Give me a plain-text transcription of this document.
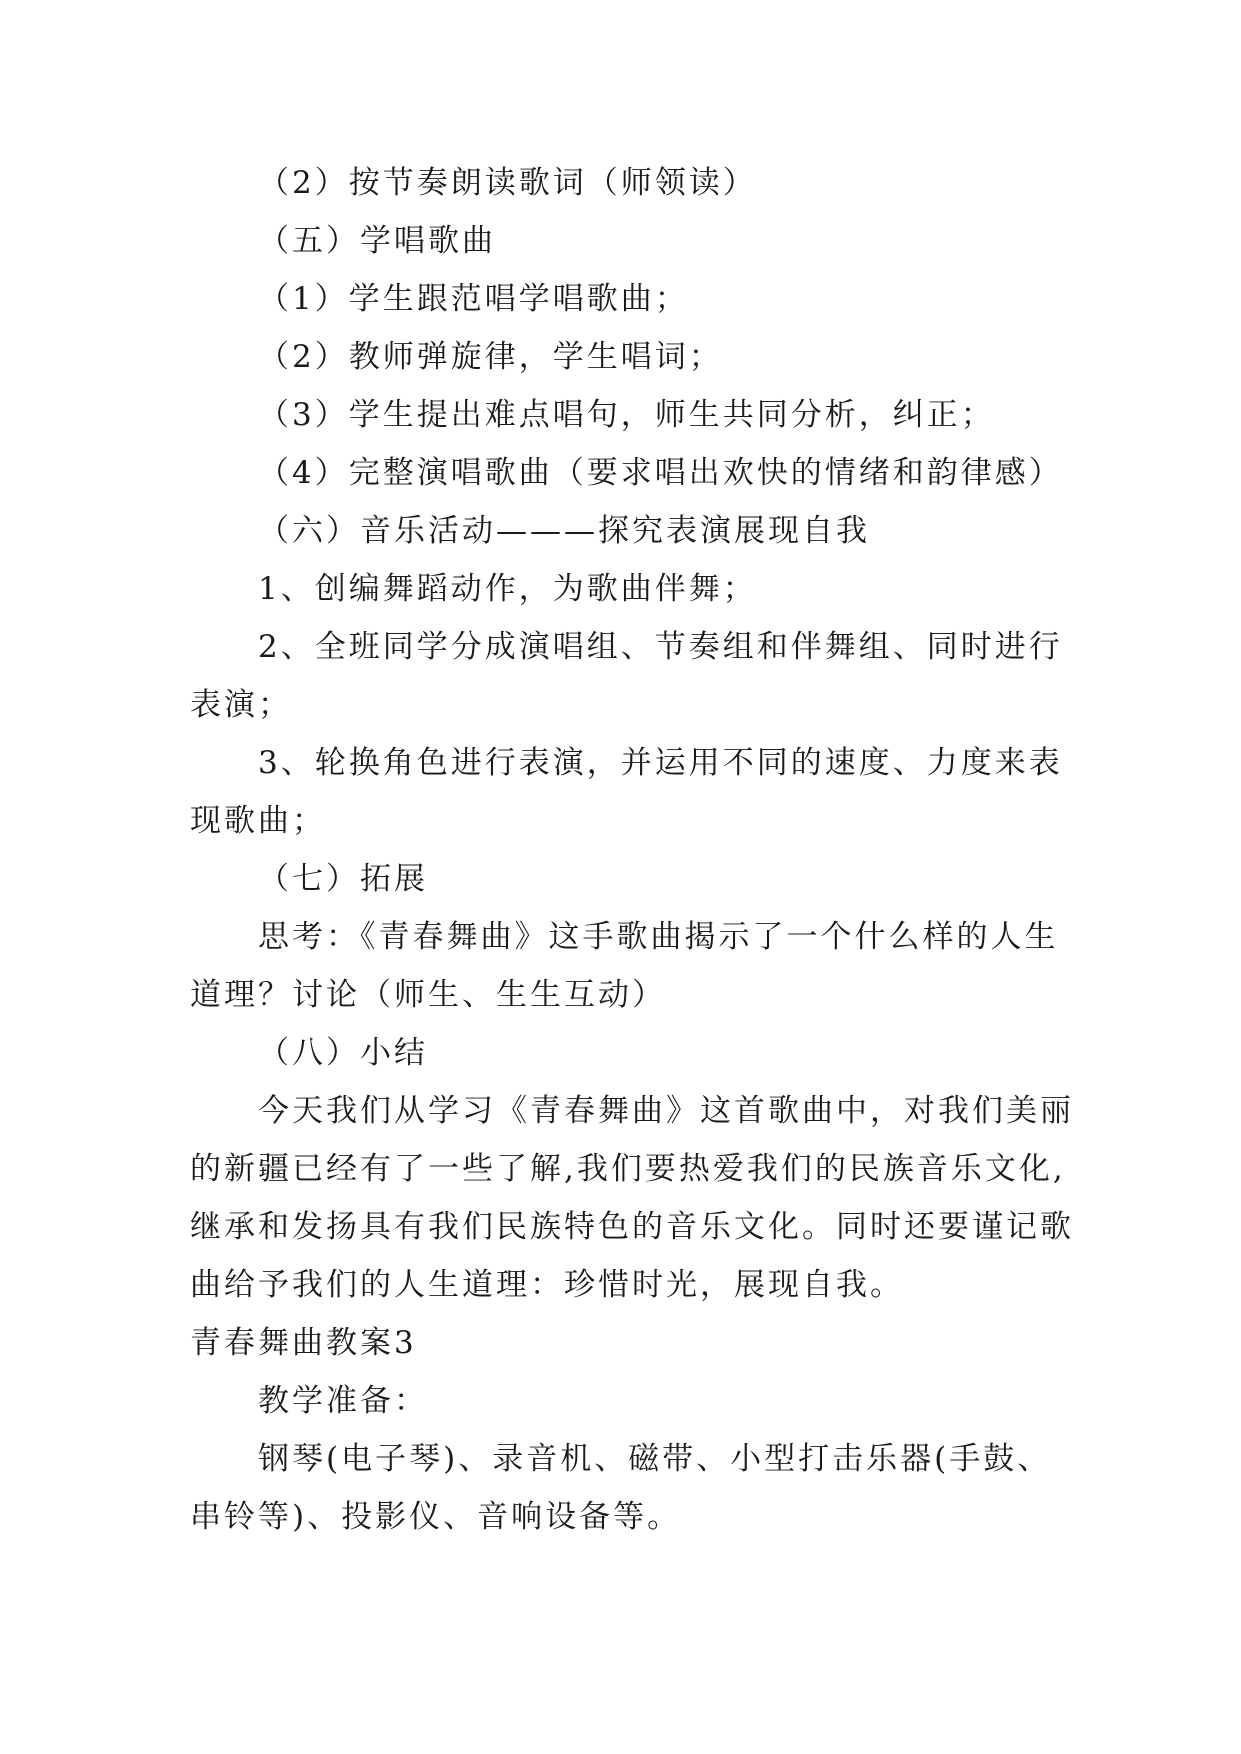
（2）按节奏朗读歌词（师领读）
（五）学唱歌曲
（1）学生跟范唱学唱歌曲；
（2）教师弹旋律，学生唱词；
（3）学生提出难点唱句，师生共同分析，纠正；
（4）完整演唱歌曲（要求唱出欢快的情绪和韵律感）
（六）音乐活动———探究表演展现自我
1、创编舞蹈动作，为歌曲伴舞；
2、全班同学分成演唱组、节奏组和伴舞组、同时进行
表演；
3、轮换角色进行表演，并运用不同的速度、力度来表
现歌曲；
（七）拓展
思考：《青春舞曲》这手歌曲揭示了一个什么样的人生
道理？讨论（师生、生生互动）
（八）小结
今天我们从学习《青春舞曲》这首歌曲中，对我们美丽
的新疆已经有了一些了解,我们要热爱我们的民族音乐文化,
继承和发扬具有我们民族特色的音乐文化。同时还要谨记歌
曲给予我们的人生道理：珍惜时光，展现自我。
青春舞曲教案3
教学准备：
钢琴(电子琴)、录音机、磁带、小型打击乐器(手鼓、
串铃等)、投影仪、音响设备等。
